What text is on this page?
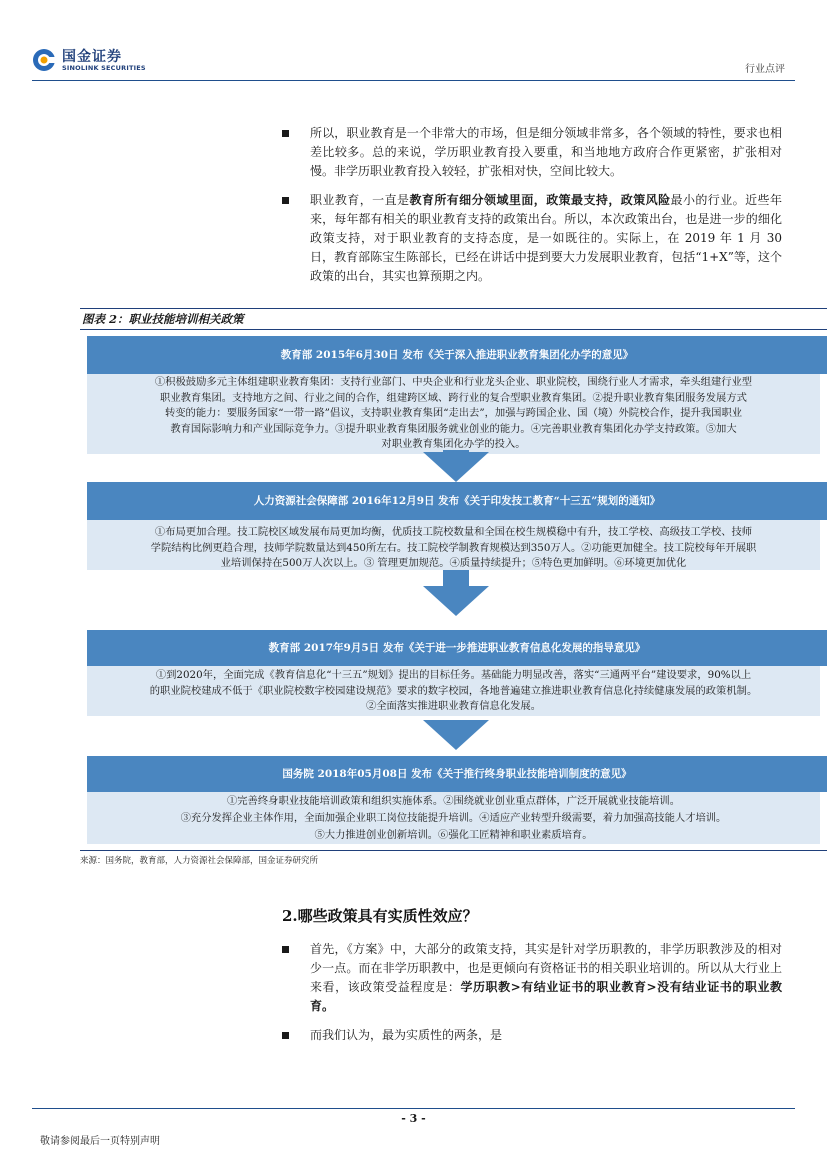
国金证券
SINOLINK SECURITIES	行业点评
所以，职业教育是一个非常大的市场，但是细分领域非常多，各个领域的特性，要求也相差比较多。总的来说，学历职业教育投入要重，和当地地方政府合作更紧密，扩张相对慢。非学历职业教育投入较轻，扩张相对快，空间比较大。
职业教育，一直是教育所有细分领域里面，政策最支持，政策风险最小的行业。近些年来，每年都有相关的职业教育支持的政策出台。所以，本次政策出台，也是进一步的细化政策支持，对于职业教育的支持态度，是一如既往的。实际上，在 2019 年 1 月 30 日，教育部陈宝生陈部长，已经在讲话中提到要大力发展职业教育，包括“1+X”等，这个政策的出台，其实也算预期之内。
图表 2：职业技能培训相关政策
教育部 2015年6月30日 发布《关于深入推进职业教育集团化办学的意见》
①积极鼓励多元主体组建职业教育集团：支持行业部门、中央企业和行业龙头企业、职业院校，围绕行业人才需求，牵头组建行业型
职业教育集团。支持地方之间、行业之间的合作，组建跨区域、跨行业的复合型职业教育集团。②提升职业教育集团服务发展方式
转变的能力：要服务国家“一带一路”倡议，支持职业教育集团“走出去”，加强与跨国企业、国（境）外院校合作，提升我国职业
教育国际影响力和产业国际竞争力。③提升职业教育集团服务就业创业的能力。④完善职业教育集团化办学支持政策。⑤加大
对职业教育集团化办学的投入。
人力资源社会保障部 2016年12月9日 发布《关于印发技工教育“十三五”规划的通知》
①布局更加合理。技工院校区域发展布局更加均衡，优质技工院校数量和全国在校生规模稳中有升，技工学校、高级技工学校、技师
学院结构比例更趋合理，技师学院数量达到450所左右。技工院校学制教育规模达到350万人。②功能更加健全。技工院校每年开展职
业培训保持在500万人次以上。③ 管理更加规范。④质量持续提升；⑤特色更加鲜明。⑥环境更加优化
教育部 2017年9月5日 发布《关于进一步推进职业教育信息化发展的指导意见》
①到2020年，全面完成《教育信息化“十三五”规划》提出的目标任务。基础能力明显改善，落实“三通两平台”建设要求，90%以上
的职业院校建成不低于《职业院校数字校园建设规范》要求的数字校园，各地普遍建立推进职业教育信息化持续健康发展的政策机制。
②全面落实推进职业教育信息化发展。
国务院 2018年05月08日 发布《关于推行终身职业技能培训制度的意见》
①完善终身职业技能培训政策和组织实施体系。②围绕就业创业重点群体，广泛开展就业技能培训。
③充分发挥企业主体作用，全面加强企业职工岗位技能提升培训。④适应产业转型升级需要，着力加强高技能人才培训。
⑤大力推进创业创新培训。⑥强化工匠精神和职业素质培育。
来源：国务院，教育部，人力资源社会保障部，国金证券研究所
2.哪些政策具有实质性效应？
首先，《方案》中，大部分的政策支持，其实是针对学历职教的，非学历职教涉及的相对少一点。而在非学历职教中，也是更倾向有资格证书的相关职业培训的。所以从大行业上来看，该政策受益程度是：学历职教>有结业证书的职业教育>没有结业证书的职业教育。
而我们认为，最为实质性的两条，是
- 3 -
敬请参阅最后一页特别声明
